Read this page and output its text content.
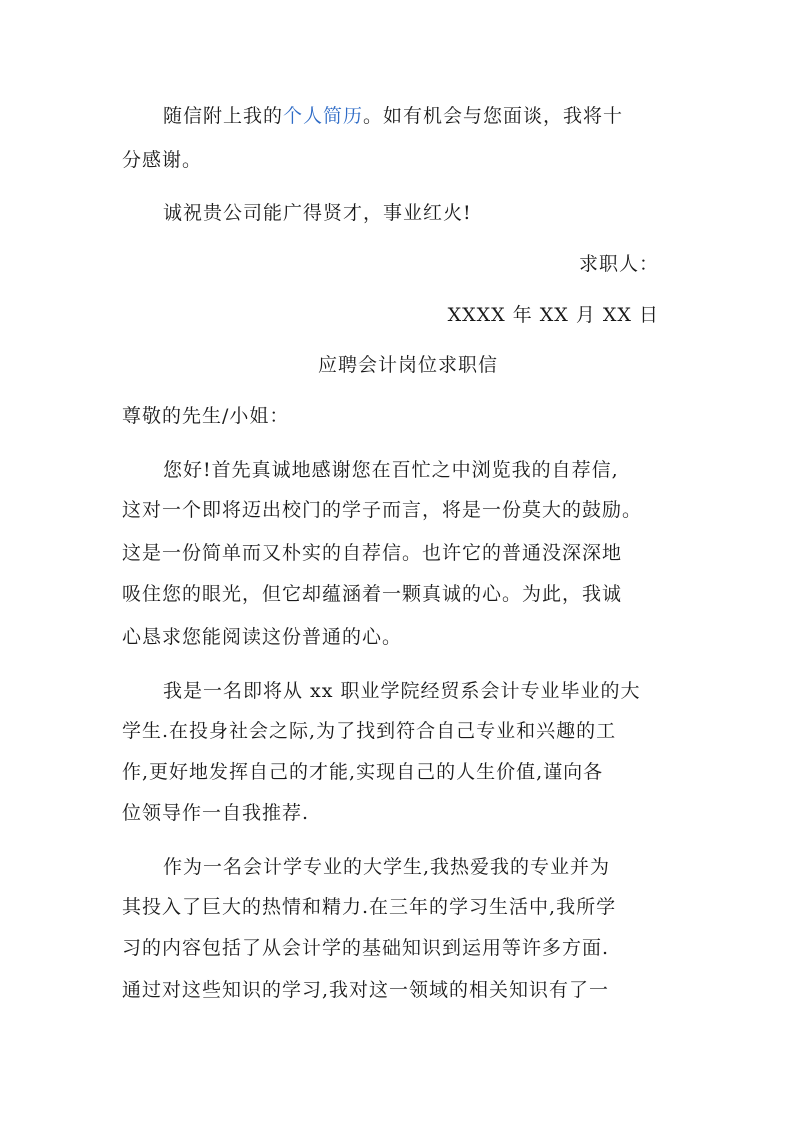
随信附上我的个人简历。如有机会与您面谈，我将十
分感谢。
诚祝贵公司能广得贤才，事业红火!
求职人：
XXXX 年 XX 月 XX 日
应聘会计岗位求职信
尊敬的先生/小姐：
您好!首先真诚地感谢您在百忙之中浏览我的自荐信,
这对一个即将迈出校门的学子而言，将是一份莫大的鼓励。
这是一份简单而又朴实的自荐信。也许它的普通没深深地
吸住您的眼光，但它却蕴涵着一颗真诚的心。为此，我诚
心恳求您能阅读这份普通的心。
我是一名即将从 xx 职业学院经贸系会计专业毕业的大
学生.在投身社会之际,为了找到符合自己专业和兴趣的工
作,更好地发挥自己的才能,实现自己的人生价值,谨向各
位领导作一自我推荐.
作为一名会计学专业的大学生,我热爱我的专业并为
其投入了巨大的热情和精力.在三年的学习生活中,我所学
习的内容包括了从会计学的基础知识到运用等许多方面.
通过对这些知识的学习,我对这一领域的相关知识有了一
